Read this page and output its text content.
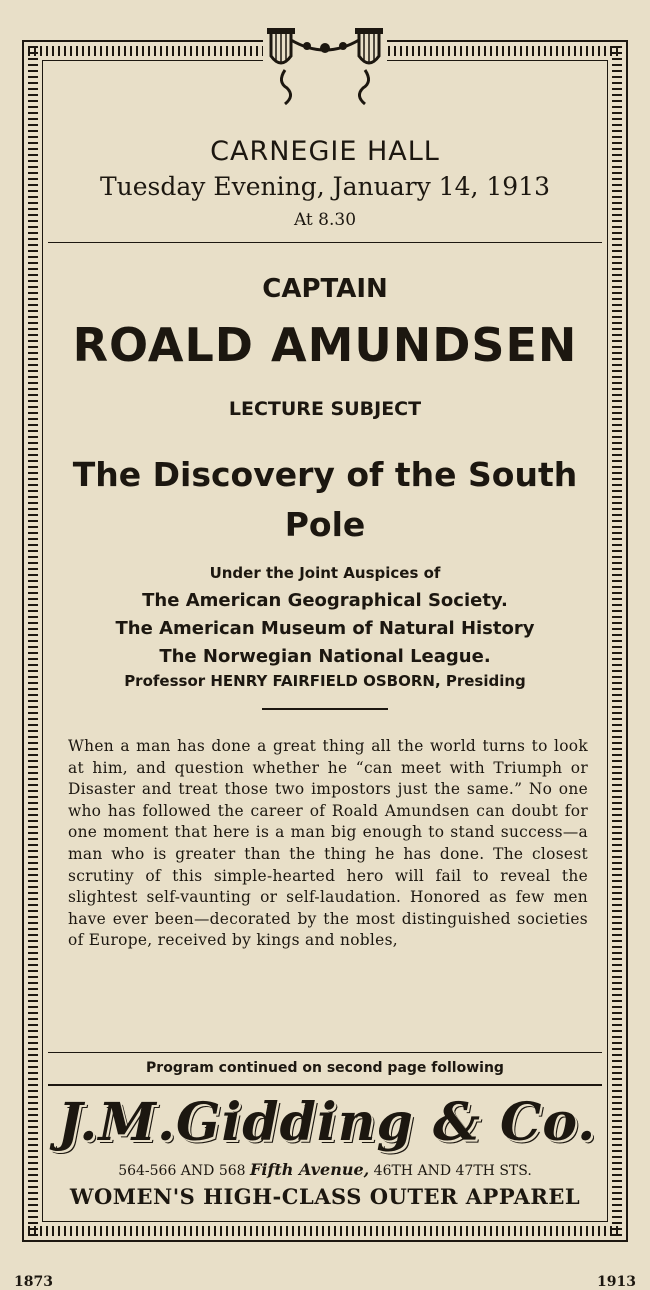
CARNEGIE HALL
Tuesday Evening, January 14, 1913
At 8.30
CAPTAIN
ROALD AMUNDSEN
LECTURE SUBJECT
The Discovery of the South Pole
Under the Joint Auspices of
The American Geographical Society.
The American Museum of Natural History
The Norwegian National League.
Professor HENRY FAIRFIELD OSBORN, Presiding
When a man has done a great thing all the world turns to look at him, and question whether he “can meet with Triumph or Disaster and treat those two impostors just the same.” No one who has followed the career of Roald Amundsen can doubt for one moment that here is a man big enough to stand success—a man who is greater than the thing he has done. The closest scrutiny of this simple-hearted hero will fail to reveal the slightest self-vaunting or self-laudation. Honored as few men have ever been—decorated by the most distinguished societies of Europe, received by kings and nobles,
Program continued on second page following
J.M.Gidding & Co.
564-566 AND 568 Fifth Avenue, 46TH AND 47TH STS.
WOMEN'S HIGH-CLASS OUTER APPAREL
1873	1913
